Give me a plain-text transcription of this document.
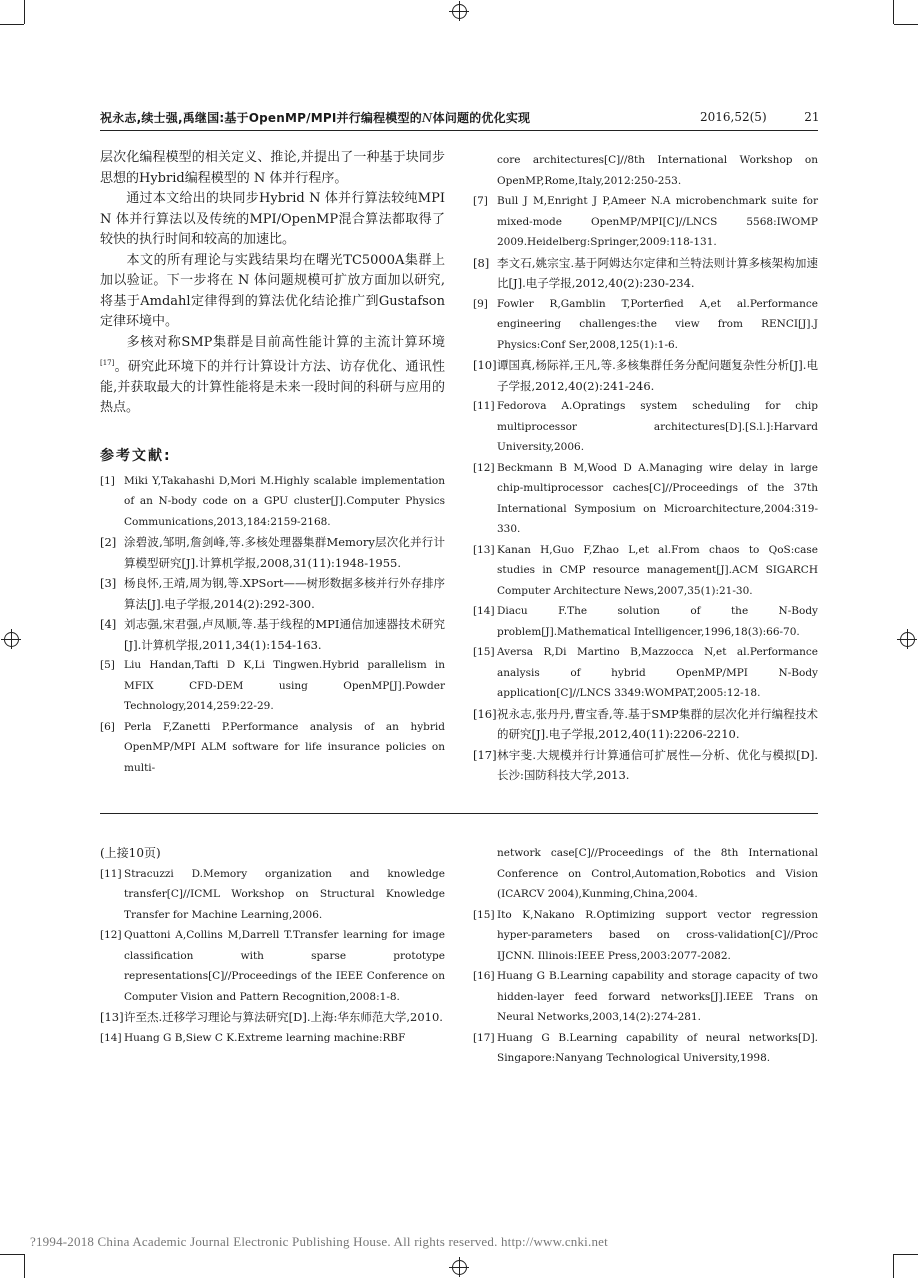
祝永志,续士强,禹继国:基于OpenMP/MPI并行编程模型的N体问题的优化实现	2016,52(5)	21

层次化编程模型的相关定义、推论,并提出了一种基于块同步思想的Hybrid编程模型的 N 体并行程序。

通过本文给出的块同步Hybrid N 体并行算法较纯MPI N 体并行算法以及传统的MPI/OpenMP混合算法都取得了较快的执行时间和较高的加速比。

本文的所有理论与实践结果均在曙光TC5000A集群上加以验证。下一步将在 N 体问题规模可扩放方面加以研究,将基于Amdahl定律得到的算法优化结论推广到Gustafson定律环境中。

多核对称SMP集群是目前高性能计算的主流计算环境[17]。研究此环境下的并行计算设计方法、访存优化、通讯性能,并获取最大的计算性能将是未来一段时间的科研与应用的热点。

参考文献:

[1] Miki Y,Takahashi D,Mori M.Highly scalable implementation of an N-body code on a GPU cluster[J].Computer Physics Communications,2013,184:2159-2168.

[2] 涂碧波,邹明,詹剑峰,等.多核处理器集群Memory层次化并行计算模型研究[J].计算机学报,2008,31(11):1948-1955.

[3] 杨良怀,王靖,周为钢,等.XPSort——树形数据多核并行外存排序算法[J].电子学报,2014(2):292-300.

[4] 刘志强,宋君强,卢凤顺,等.基于线程的MPI通信加速器技术研究[J].计算机学报,2011,34(1):154-163.

[5] Liu Handan,Tafti D K,Li Tingwen.Hybrid parallelism in MFIX CFD-DEM using OpenMP[J].Powder Technology,2014,259:22-29.

[6] Perla F,Zanetti P.Performance analysis of an hybrid OpenMP/MPI ALM software for life insurance policies on multi-

core architectures[C]//8th International Workshop on OpenMP,Rome,Italy,2012:250-253.

[7] Bull J M,Enright J P,Ameer N.A microbenchmark suite for mixed-mode OpenMP/MPI[C]//LNCS 5568:IWOMP 2009.Heidelberg:Springer,2009:118-131.

[8] 李文石,姚宗宝.基于阿姆达尔定律和兰特法则计算多核架构加速比[J].电子学报,2012,40(2):230-234.

[9] Fowler R,Gamblin T,Porterfied A,et al.Performance engineering challenges:the view from RENCI[J].J Physics:Conf Ser,2008,125(1):1-6.

[10] 谭国真,杨际祥,王凡,等.多核集群任务分配问题复杂性分析[J].电子学报,2012,40(2):241-246.

[11] Fedorova A.Opratings system scheduling for chip multiprocessor architectures[D].[S.l.]:Harvard University,2006.

[12] Beckmann B M,Wood D A.Managing wire delay in large chip-multiprocessor caches[C]//Proceedings of the 37th International Symposium on Microarchitecture,2004:319-330.

[13] Kanan H,Guo F,Zhao L,et al.From chaos to QoS:case studies in CMP resource management[J].ACM SIGARCH Computer Architecture News,2007,35(1):21-30.

[14] Diacu F.The solution of the N-Body problem[J].Mathematical Intelligencer,1996,18(3):66-70.

[15] Aversa R,Di Martino B,Mazzocca N,et al.Performance analysis of hybrid OpenMP/MPI N-Body application[C]//LNCS 3349:WOMPAT,2005:12-18.

[16] 祝永志,张丹丹,曹宝香,等.基于SMP集群的层次化并行编程技术的研究[J].电子学报,2012,40(11):2206-2210.

[17] 林宇斐.大规模并行计算通信可扩展性—分析、优化与模拟[D].长沙:国防科技大学,2013.

(上接10页)

[11] Stracuzzi D.Memory organization and knowledge transfer[C]//ICML Workshop on Structural Knowledge Transfer for Machine Learning,2006.

[12] Quattoni A,Collins M,Darrell T.Transfer learning for image classification with sparse prototype representations[C]//Proceedings of the IEEE Conference on Computer Vision and Pattern Recognition,2008:1-8.

[13] 许至杰.迁移学习理论与算法研究[D].上海:华东师范大学,2010.

[14] Huang G B,Siew C K.Extreme learning machine:RBF

network case[C]//Proceedings of the 8th International Conference on Control,Automation,Robotics and Vision (ICARCV 2004),Kunming,China,2004.

[15] Ito K,Nakano R.Optimizing support vector regression hyper-parameters based on cross-validation[C]//Proc IJCNN. Illinois:IEEE Press,2003:2077-2082.

[16] Huang G B.Learning capability and storage capacity of two hidden-layer feed forward networks[J].IEEE Trans on Neural Networks,2003,14(2):274-281.

[17] Huang G B.Learning capability of neural networks[D]. Singapore:Nanyang Technological University,1998.

?1994-2018 China Academic Journal Electronic Publishing House. All rights reserved. http://www.cnki.net
